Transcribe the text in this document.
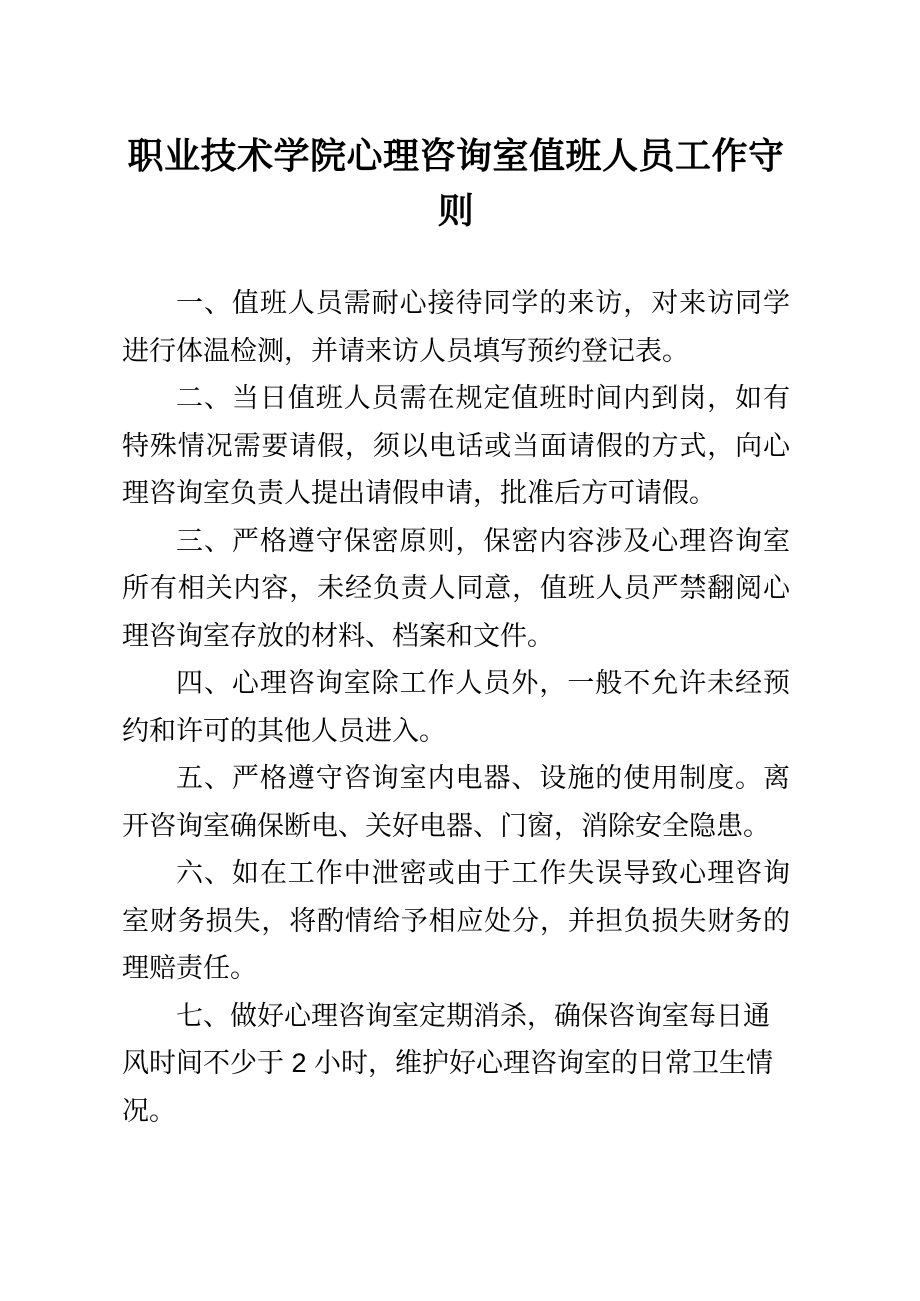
职业技术学院心理咨询室值班人员工作守则

一、值班人员需耐心接待同学的来访，对来访同学进行体温检测，并请来访人员填写预约登记表。

二、当日值班人员需在规定值班时间内到岗，如有特殊情况需要请假，须以电话或当面请假的方式，向心理咨询室负责人提出请假申请，批准后方可请假。

三、严格遵守保密原则，保密内容涉及心理咨询室所有相关内容，未经负责人同意，值班人员严禁翻阅心理咨询室存放的材料、档案和文件。

四、心理咨询室除工作人员外，一般不允许未经预约和许可的其他人员进入。

五、严格遵守咨询室内电器、设施的使用制度。离开咨询室确保断电、关好电器、门窗，消除安全隐患。

六、如在工作中泄密或由于工作失误导致心理咨询室财务损失，将酌情给予相应处分，并担负损失财务的理赔责任。

七、做好心理咨询室定期消杀，确保咨询室每日通风时间不少于 2 小时，维护好心理咨询室的日常卫生情况。
